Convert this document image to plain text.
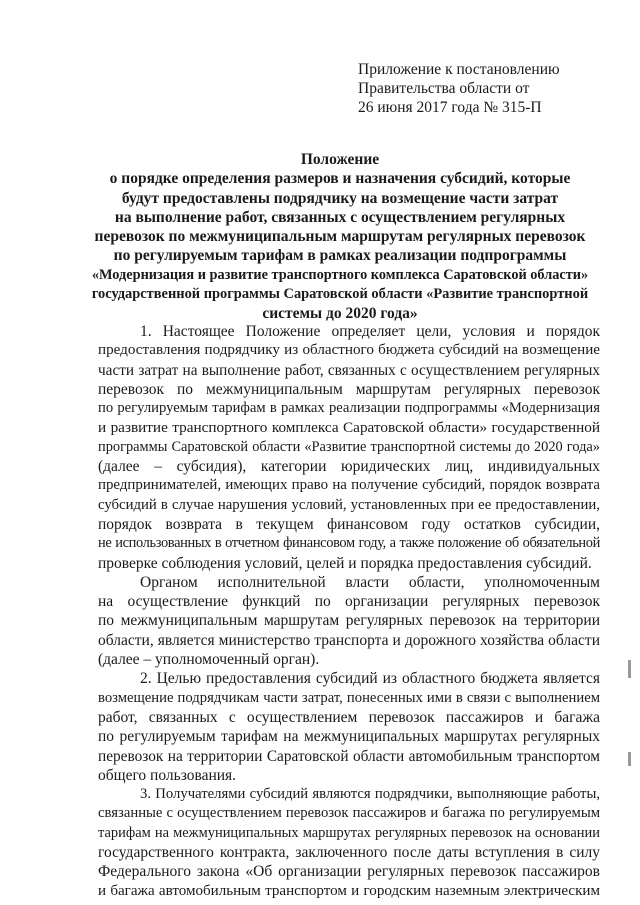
Приложение к постановлению
Правительства области от
26 июня 2017 года № 315-П
Положение
о порядке определения размеров и назначения субсидий, которые
будут предоставлены подрядчику на возмещение части затрат
на выполнение работ, связанных с осуществлением регулярных
перевозок по межмуниципальным маршрутам регулярных перевозок
по регулируемым тарифам в рамках реализации подпрограммы
«Модернизация и развитие транспортного комплекса Саратовской области»
государственной программы Саратовской области «Развитие транспортной
системы до 2020 года»
1. Настоящее Положение определяет цели, условия и порядок
предоставления подрядчику из областного бюджета субсидий на возмещение
части затрат на выполнение работ, связанных с осуществлением регулярных
перевозок по межмуниципальным маршрутам регулярных перевозок
по регулируемым тарифам в рамках реализации подпрограммы «Модернизация
и развитие транспортного комплекса Саратовской области» государственной
программы Саратовской области «Развитие транспортной системы до 2020 года»
(далее – субсидия), категории юридических лиц, индивидуальных
предпринимателей, имеющих право на получение субсидий, порядок возврата
субсидий в случае нарушения условий, установленных при ее предоставлении,
порядок возврата в текущем финансовом году остатков субсидии,
не использованных в отчетном финансовом году, а также положение об обязательной
проверке соблюдения условий, целей и порядка предоставления субсидий.
Органом исполнительной власти области, уполномоченным
на осуществление функций по организации регулярных перевозок
по межмуниципальным маршрутам регулярных перевозок на территории
области, является министерство транспорта и дорожного хозяйства области
(далее – уполномоченный орган).
2. Целью предоставления субсидий из областного бюджета является
возмещение подрядчикам части затрат, понесенных ими в связи с выполнением
работ, связанных с осуществлением перевозок пассажиров и багажа
по регулируемым тарифам на межмуниципальных маршрутах регулярных
перевозок на территории Саратовской области автомобильным транспортом
общего пользования.
3. Получателями субсидий являются подрядчики, выполняющие работы,
связанные с осуществлением перевозок пассажиров и багажа по регулируемым
тарифам на межмуниципальных маршрутах регулярных перевозок на основании
государственного контракта, заключенного после даты вступления в силу
Федерального закона «Об организации регулярных перевозок пассажиров
и багажа автомобильным транспортом и городским наземным электрическим
